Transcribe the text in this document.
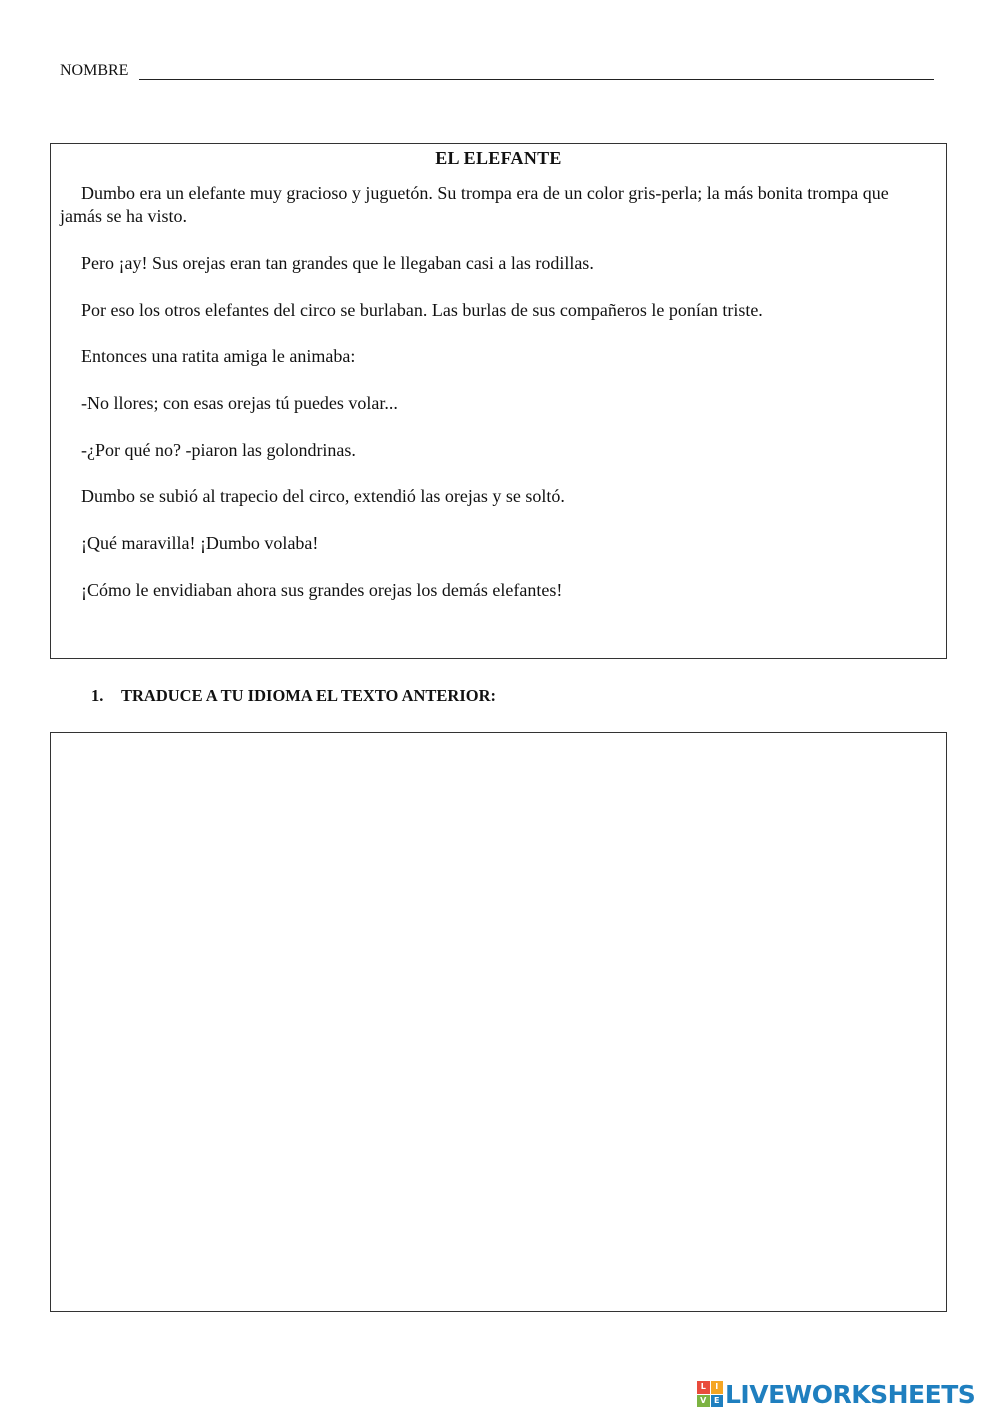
NOMBRE
EL ELEFANTE

Dumbo era un elefante muy gracioso y juguetón. Su trompa era de un color gris-perla; la más bonita trompa que jamás se ha visto.

Pero ¡ay! Sus orejas eran tan grandes que le llegaban casi a las rodillas.

Por eso los otros elefantes del circo se burlaban. Las burlas de sus compañeros le ponían triste.

Entonces una ratita amiga le animaba:

-No llores; con esas orejas tú puedes volar...

-¿Por qué no? -piaron las golondrinas.

Dumbo se subió al trapecio del circo, extendió las orejas y se soltó.

¡Qué maravilla! ¡Dumbo volaba!

¡Cómo le envidiaban ahora sus grandes orejas los demás elefantes!

1. TRADUCE A TU IDIOMA EL TEXTO ANTERIOR:
L	I
V E LIVEWORKSHEETS
